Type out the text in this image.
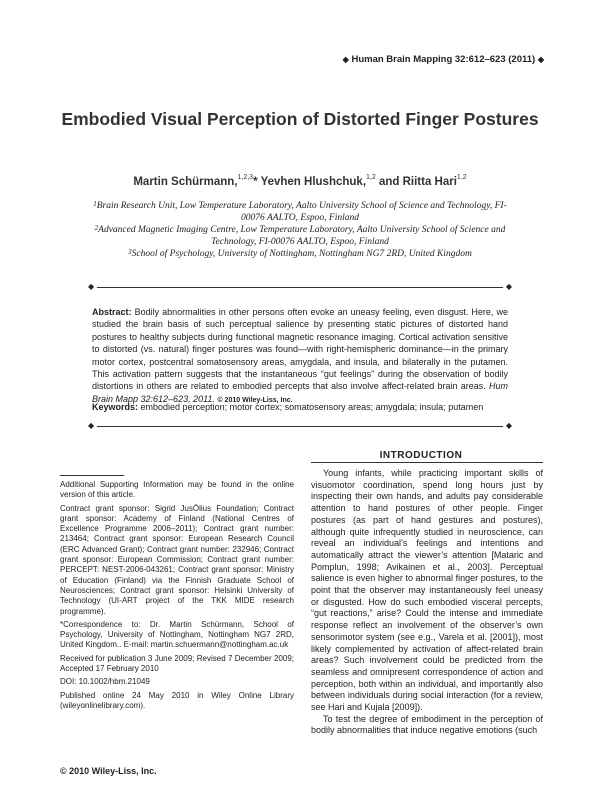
◆ Human Brain Mapping 32:612–623 (2011) ◆
Embodied Visual Perception of Distorted Finger Postures
Martin Schürmann,$^{1,2,3}$* Yevhen Hlushchuk,$^{1,2}$ and Riitta Hari$^{1,2}$
$^1$Brain Research Unit, Low Temperature Laboratory, Aalto University School of Science and Technology, FI-00076 AALTO, Espoo, Finland
$^2$Advanced Magnetic Imaging Centre, Low Temperature Laboratory, Aalto University School of Science and Technology, FI-00076 AALTO, Espoo, Finland
$^3$School of Psychology, University of Nottingham, Nottingham NG7 2RD, United Kingdom
◆	◆
Abstract: Bodily abnormalities in other persons often evoke an uneasy feeling, even disgust. Here, we studied the brain basis of such perceptual salience by presenting static pictures of distorted hand postures to healthy subjects during functional magnetic resonance imaging. Cortical activation sensitive to distorted (vs. natural) finger postures was found—with right-hemispheric dominance—in the primary motor cortex, postcentral somatosensory areas, amygdala, and insula, and bilaterally in the putamen. This activation pattern suggests that the instantaneous “gut feelings” during the observation of bodily distortions in others are related to embodied percepts that also involve affect-related brain areas. Hum Brain Mapp 32:612–623, 2011. © 2010 Wiley-Liss, Inc.
Keywords: embodied perception; motor cortex; somatosensory areas; amygdala; insula; putamen
◆	◆
INTRODUCTION

Young infants, while practicing important skills of visuomotor coordination, spend long hours just by inspecting their own hands, and adults pay considerable attention to hand postures of other people. Finger postures (as part of hand gestures and postures), although quite infrequently studied in neuroscience, can reveal an individual’s feelings and intentions and automatically attract the viewer’s attention [Mataric and Pomplun, 1998; Avikainen et al., 2003]. Perceptual salience is even higher to abnormal finger postures, to the point that the observer may instantaneously feel uneasy or disgusted. How do such embodied visceral percepts, “gut reactions,” arise? Could the intense and immediate response reflect an involvement of the observer’s own sensorimotor system (see e.g., Varela et al. [2001]), most likely complemented by activation of affect-related brain areas? Such involvement could be predicted from the seamless and omnipresent correspondence of action and perception, both within an individual, and importantly also between individuals during social interaction (for a review, see Hari and Kujala [2009]).

To test the degree of embodiment in the perception of bodily abnormalities that induce negative emotions (such

Additional Supporting Information may be found in the online version of this article.

Contract grant sponsor: Sigrid JusÖlius Foundation; Contract grant sponsor: Academy of Finland (National Centres of Excellence Programme 2006–2011); Contract grant number: 213464; Contract grant sponsor: European Research Council (ERC Advanced Grant); Contract grant number: 232946; Contract grant sponsor: European Commission; Contract grant number: PERCEPT: NEST-2006-043261; Contract grant sponsor: Ministry of Education (Finland) via the Finnish Graduate School of Neurosciences; Contract grant sponsor: Helsinki University of Technology (UI-ART project of the TKK MIDE research programme).

*Correspondence to: Dr. Martin Schürmann, School of Psychology, University of Nottingham, Nottingham NG7 2RD, United Kingdom.. E-mail: martin.schuermann@nottingham.ac.uk

Received for publication 3 June 2009; Revised 7 December 2009; Accepted 17 February 2010

DOI: 10.1002/hbm.21049

Published online 24 May 2010 in Wiley Online Library (wileyonlinelibrary.com).

© 2010 Wiley-Liss, Inc.
